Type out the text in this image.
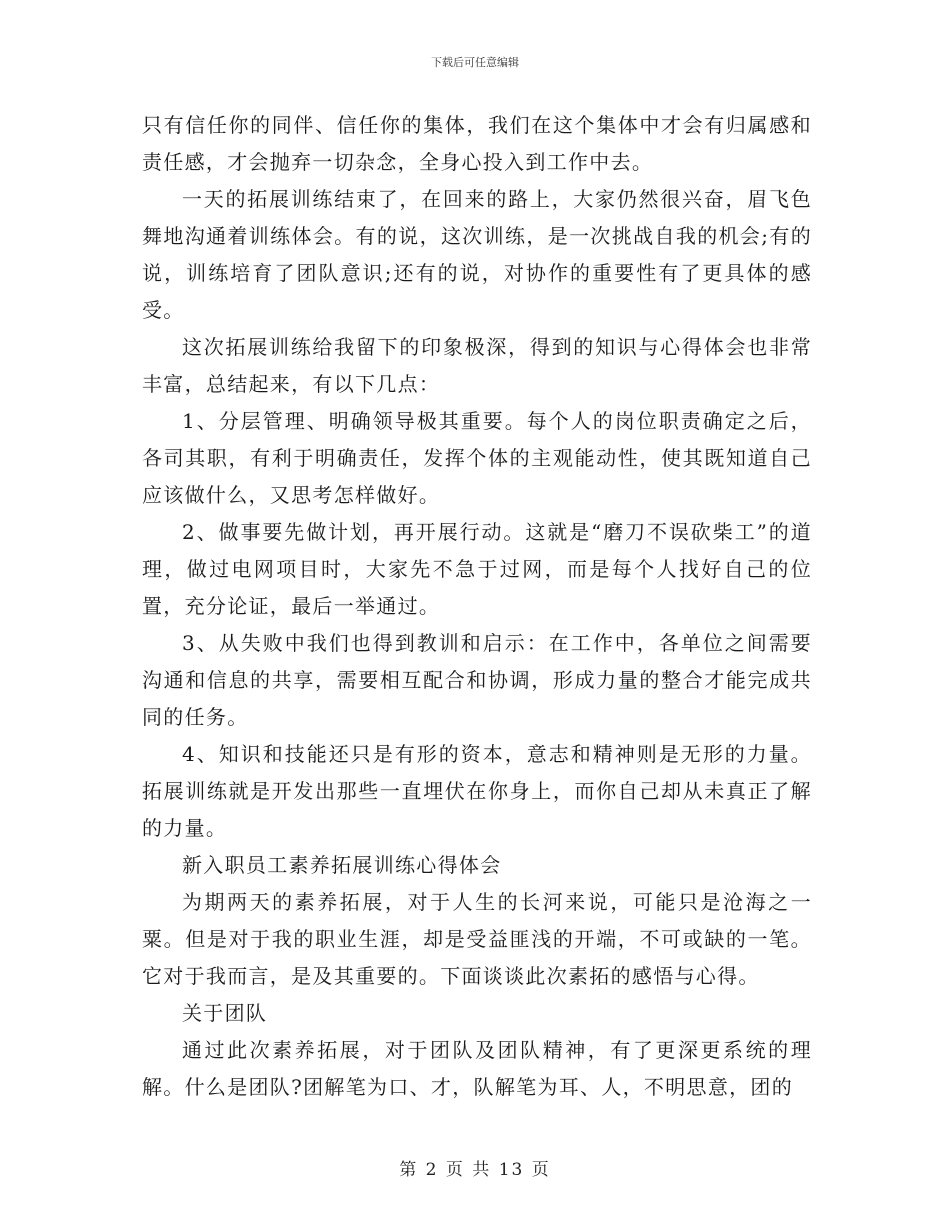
下载后可任意编辑

只有信任你的同伴、信任你的集体，我们在这个集体中才会有归属感和责任感，才会抛弃一切杂念，全身心投入到工作中去。

一天的拓展训练结束了，在回来的路上，大家仍然很兴奋，眉飞色舞地沟通着训练体会。有的说，这次训练，是一次挑战自我的机会;有的说，训练培育了团队意识;还有的说，对协作的重要性有了更具体的感受。

这次拓展训练给我留下的印象极深，得到的知识与心得体会也非常丰富，总结起来，有以下几点：

1、分层管理、明确领导极其重要。每个人的岗位职责确定之后，各司其职，有利于明确责任，发挥个体的主观能动性，使其既知道自己应该做什么，又思考怎样做好。

2、做事要先做计划，再开展行动。这就是“磨刀不误砍柴工”的道理，做过电网项目时，大家先不急于过网，而是每个人找好自己的位置，充分论证，最后一举通过。

3、从失败中我们也得到教训和启示：在工作中，各单位之间需要沟通和信息的共享，需要相互配合和协调，形成力量的整合才能完成共同的任务。

4、知识和技能还只是有形的资本，意志和精神则是无形的力量。拓展训练就是开发出那些一直埋伏在你身上，而你自己却从未真正了解的力量。

新入职员工素养拓展训练心得体会

为期两天的素养拓展，对于人生的长河来说，可能只是沧海之一粟。但是对于我的职业生涯，却是受益匪浅的开端，不可或缺的一笔。它对于我而言，是及其重要的。下面谈谈此次素拓的感悟与心得。

关于团队

通过此次素养拓展，对于团队及团队精神，有了更深更系统的理解。什么是团队?团解笔为口、才，队解笔为耳、人，不明思意，团的

第 2 页 共 13 页
